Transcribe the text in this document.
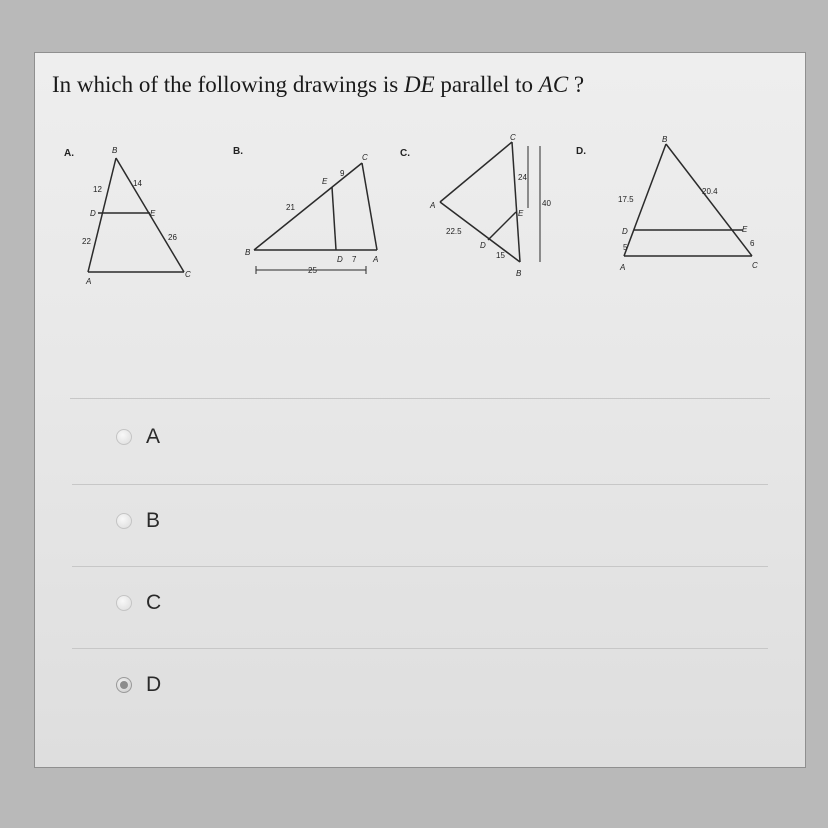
In which of the following drawings is DE parallel to AC ?
A.	B
D	E
A
C
12
14
22	26
B.
B
E
C
D	A
21
9
7
25
C.
C
A
E
D
B
24
40
22.5
15
D.
B
D
A
E
C
17.5
20.4
5	6
A
B
C
D
